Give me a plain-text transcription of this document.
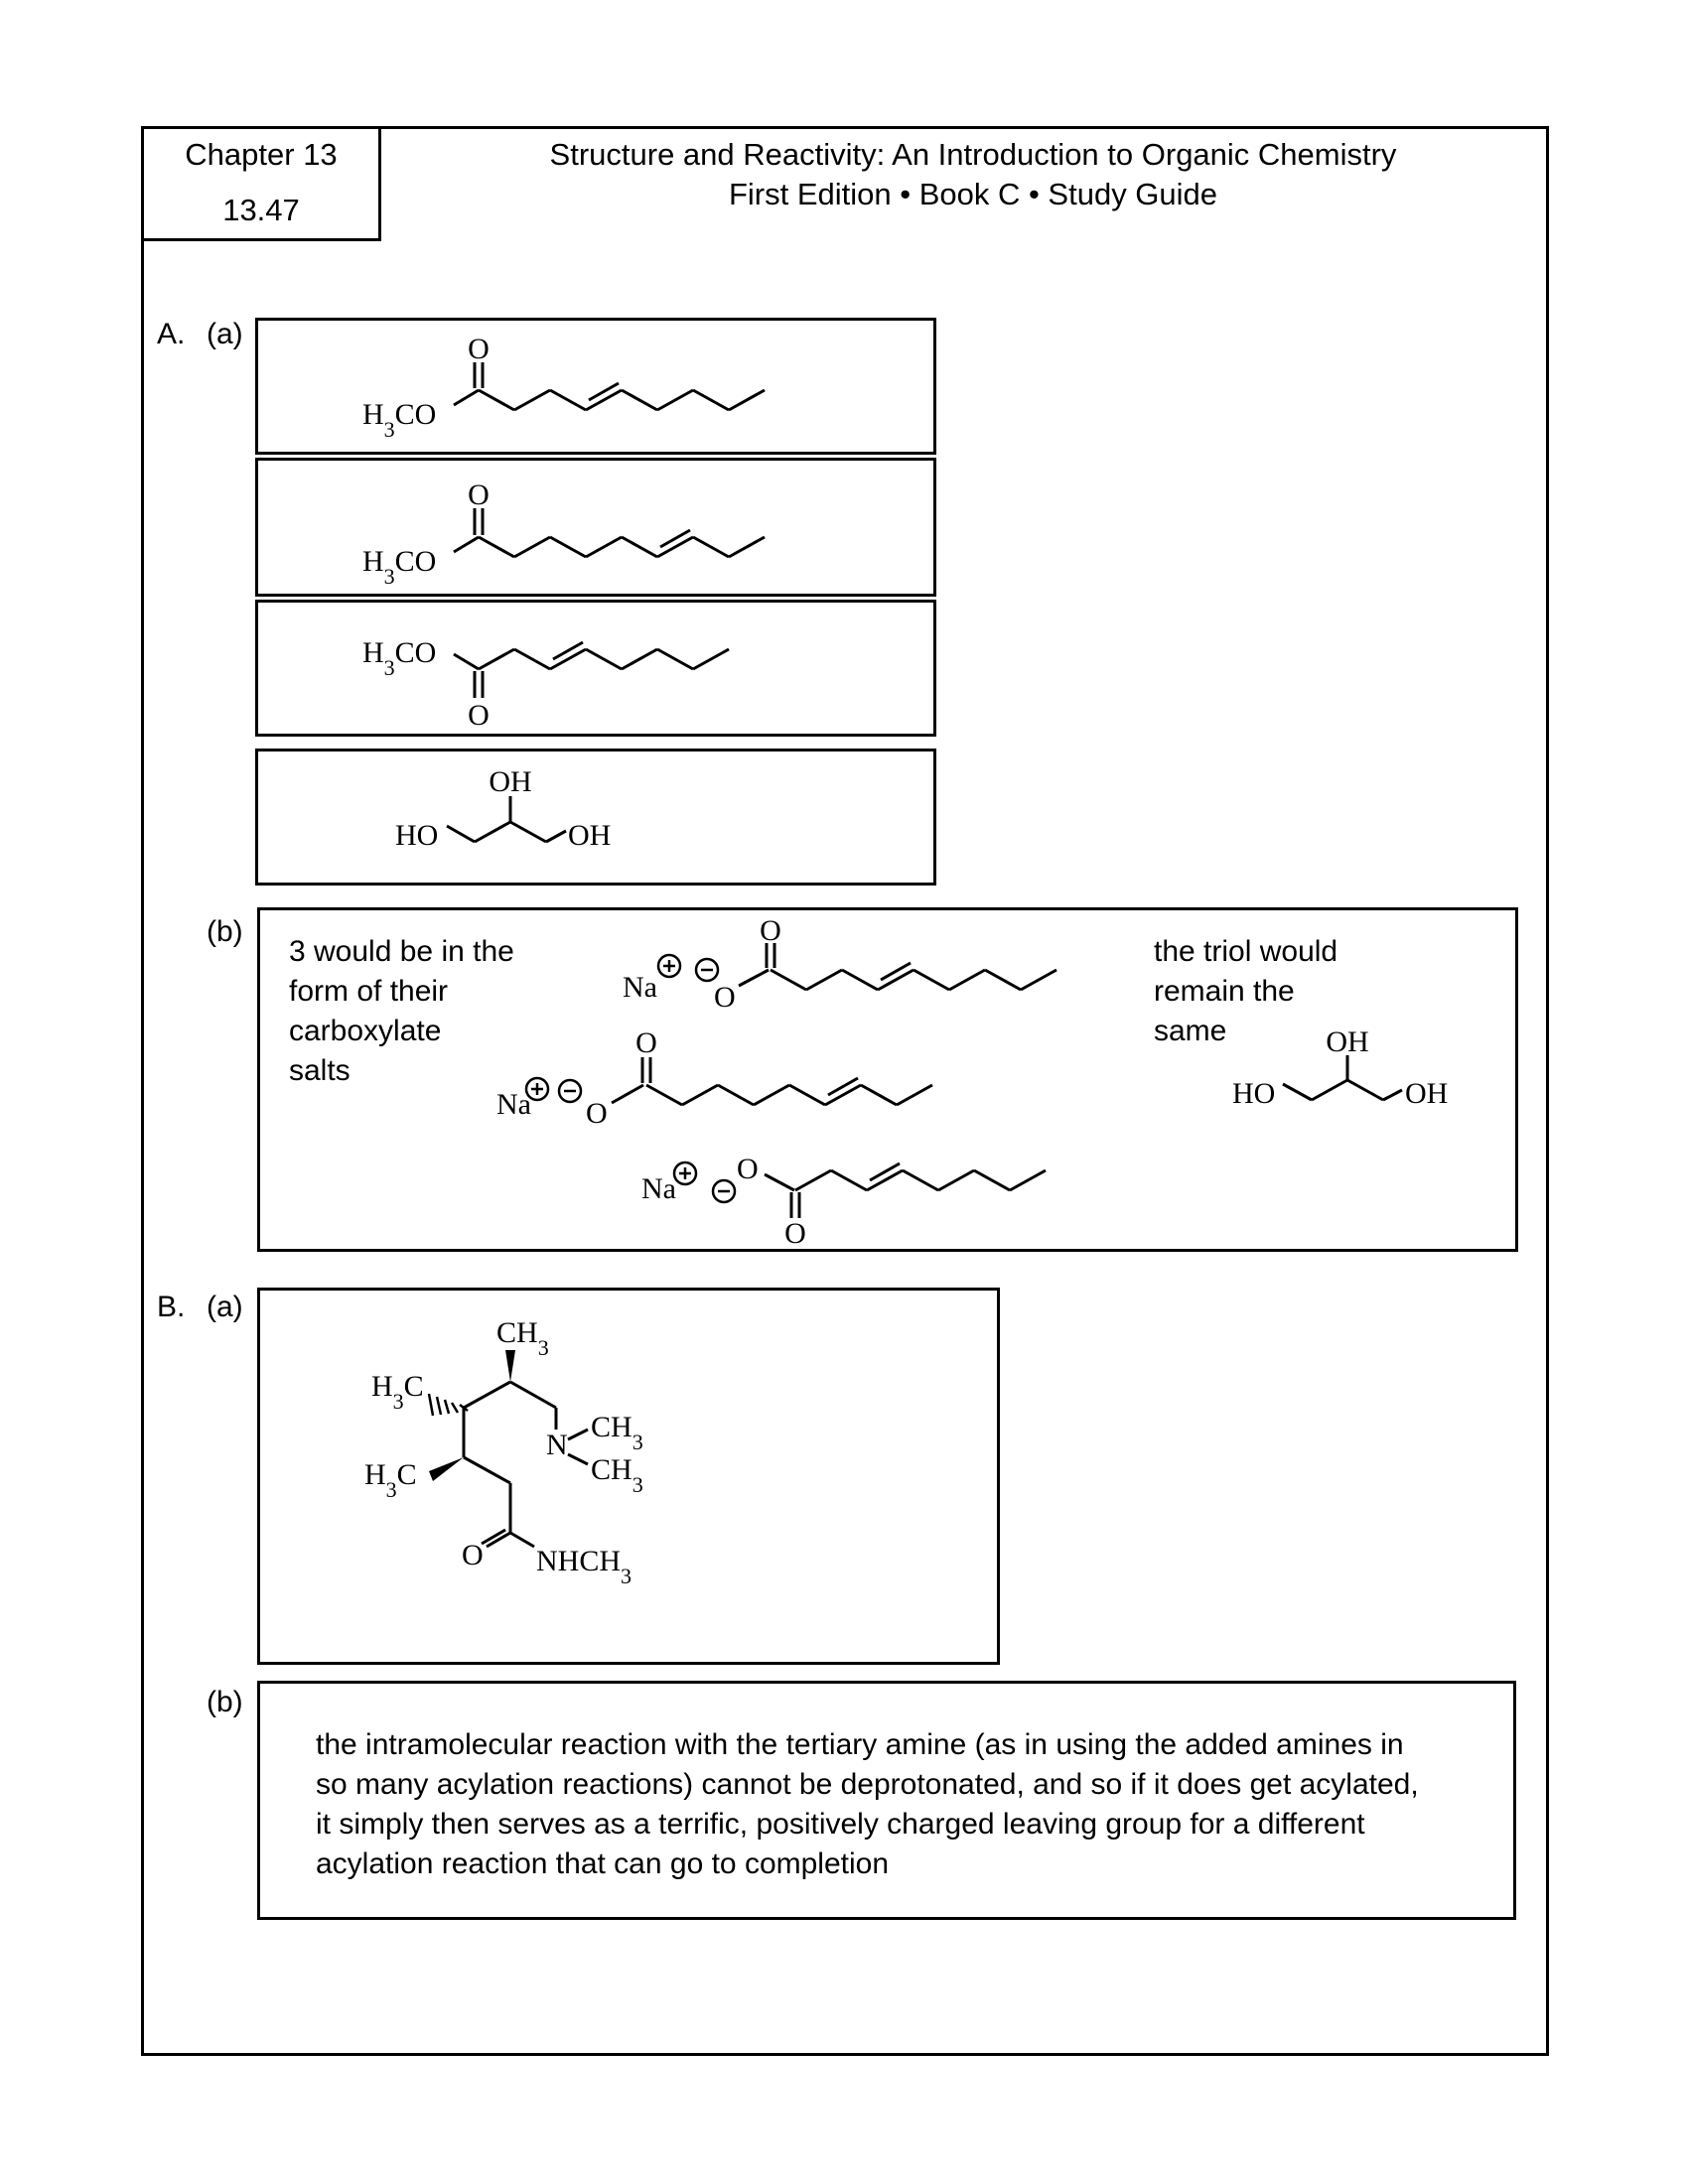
Chapter 13
13.47
Structure and Reactivity: An Introduction to Organic Chemistry
First Edition • Book C • Study Guide
A. (a)	O
$H_3CO$
O
$H_3CO$
O
$H_3CO$
OH
HO	OH
(b)
3 would be in the
form of their
carboxylate
salts
the triol would
remain the
same
Na O
O
Na O
O
Na
O
O
OH
HO	OH
B. (a)
$CH_3$
$H_3C$
$H_3C$
N
$CH_3$
$CH_3$
O $NHCH_3$
(b)
the intramolecular reaction with the tertiary amine (as in using the added amines in
so many acylation reactions) cannot be deprotonated, and so if it does get acylated,
it simply then serves as a terrific, positively charged leaving group for a different
acylation reaction that can go to completion
